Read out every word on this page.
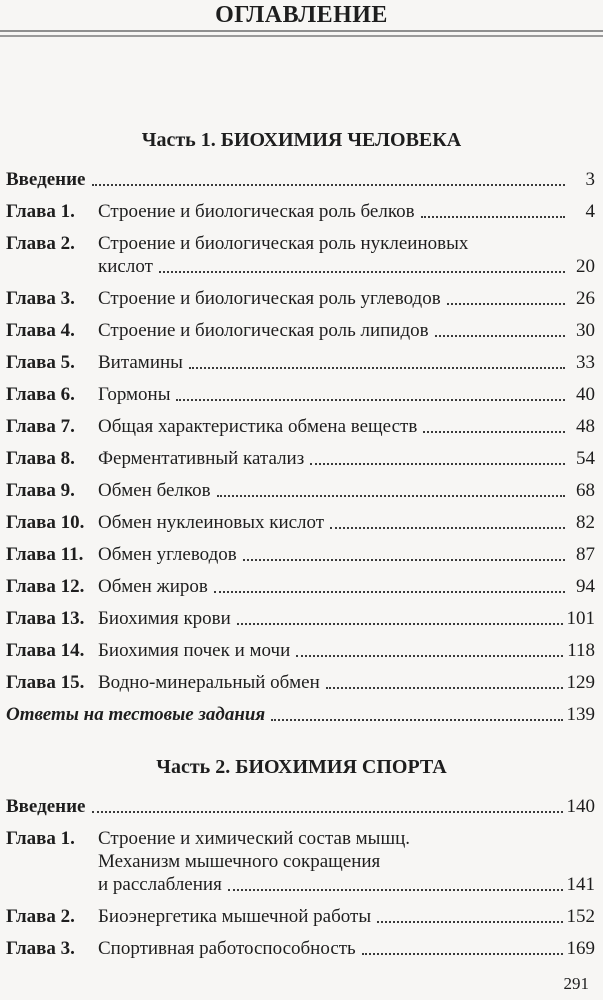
ОГЛАВЛЕНИЕ
Часть 1. БИОХИМИЯ ЧЕЛОВЕКА
Введение	3
Глава 1.	Строение и биологическая роль белков	4
Глава 2.	Строение и биологическая роль нуклеиновых
кислот	20
Глава 3.	Строение и биологическая роль углеводов	26
Глава 4.	Строение и биологическая роль липидов	30
Глава 5.	Витамины	33
Глава 6.	Гормоны	40
Глава 7.	Общая характеристика обмена веществ	48
Глава 8.	Ферментативный катализ	54
Глава 9.	Обмен белков	68
Глава 10. Обмен нуклеиновых кислот	82
Глава 11. Обмен углеводов	87
Глава 12. Обмен жиров	94
Глава 13. Биохимия крови	101
Глава 14. Биохимия почек и мочи	118
Глава 15. Водно-минеральный обмен	129
Ответы на тестовые задания	139
Часть 2. БИОХИМИЯ СПОРТА
Введение	140
Глава 1.	Строение и химический состав мышц.
Механизм мышечного сокращения
и расслабления	141
Глава 2.	Биоэнергетика мышечной работы	152
Глава 3.	Спортивная работоспособность	169
291
